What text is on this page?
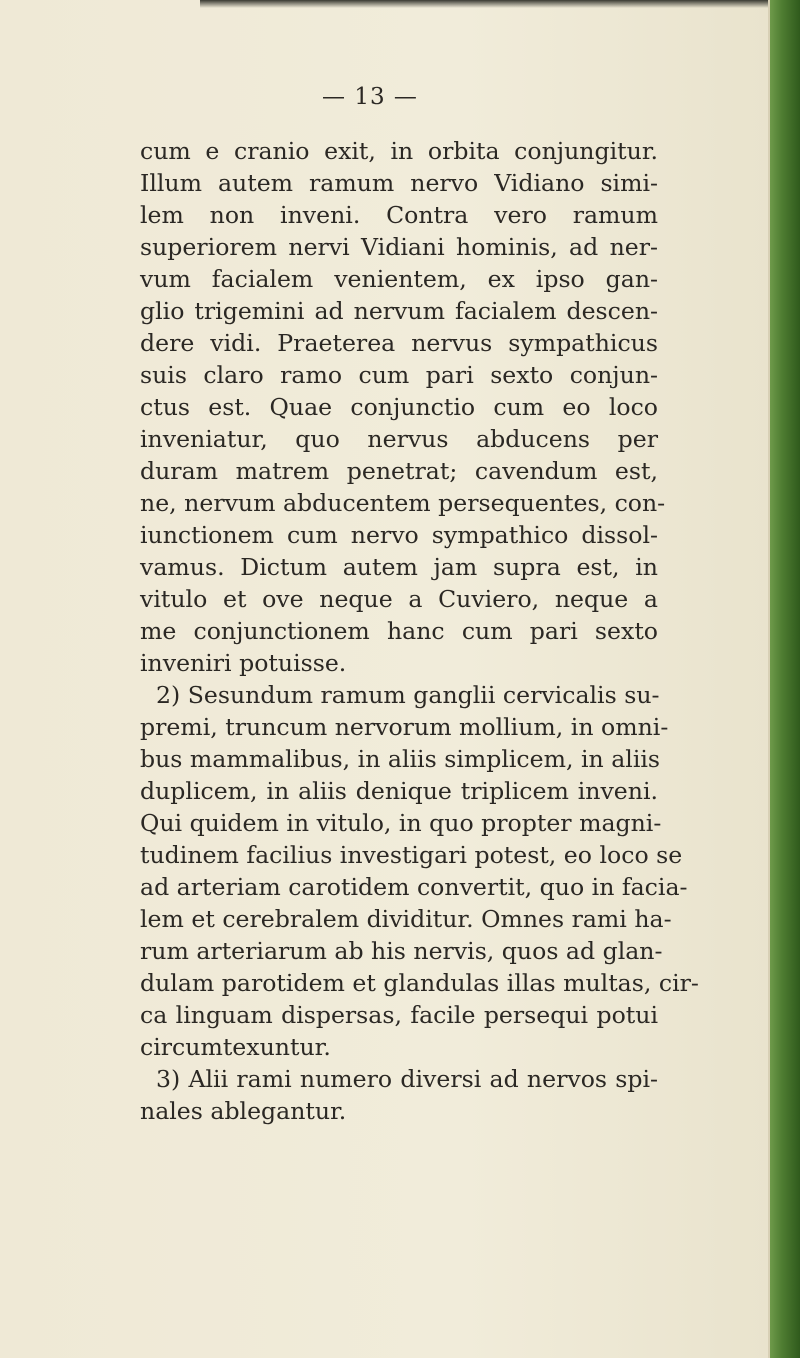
— 13 —
cum e cranio exit, in orbita conjungitur.
Illum autem ramum nervo Vidiano simi-
lem non inveni. Contra vero ramum
superiorem nervi Vidiani hominis, ad ner-
vum facialem venientem, ex ipso gan-
glio trigemini ad nervum facialem descen-
dere vidi. Praeterea nervus sympathicus
suis claro ramo cum pari sexto conjun-
ctus est. Quae conjunctio cum eo loco
inveniatur, quo nervus abducens per
duram matrem penetrat; cavendum est,
ne, nervum abducentem persequentes, con-
iunctionem cum nervo sympathico dissol-
vamus. Dictum autem jam supra est, in
vitulo et ove neque a Cuviero, neque a
me conjunctionem hanc cum pari sexto
inveniri potuisse.
2) Sesundum ramum ganglii cervicalis su-
premi, truncum nervorum mollium, in omni-
bus mammalibus, in aliis simplicem, in aliis
duplicem, in aliis denique triplicem inveni.
Qui quidem in vitulo, in quo propter magni-
tudinem facilius investigari potest, eo loco se
ad arteriam carotidem convertit, quo in facia-
lem et cerebralem dividitur. Omnes rami ha-
rum arteriarum ab his nervis, quos ad glan-
dulam parotidem et glandulas illas multas, cir-
ca linguam dispersas, facile persequi potui
circumtexuntur.
3) Alii rami numero diversi ad nervos spi-
nales ablegantur.
